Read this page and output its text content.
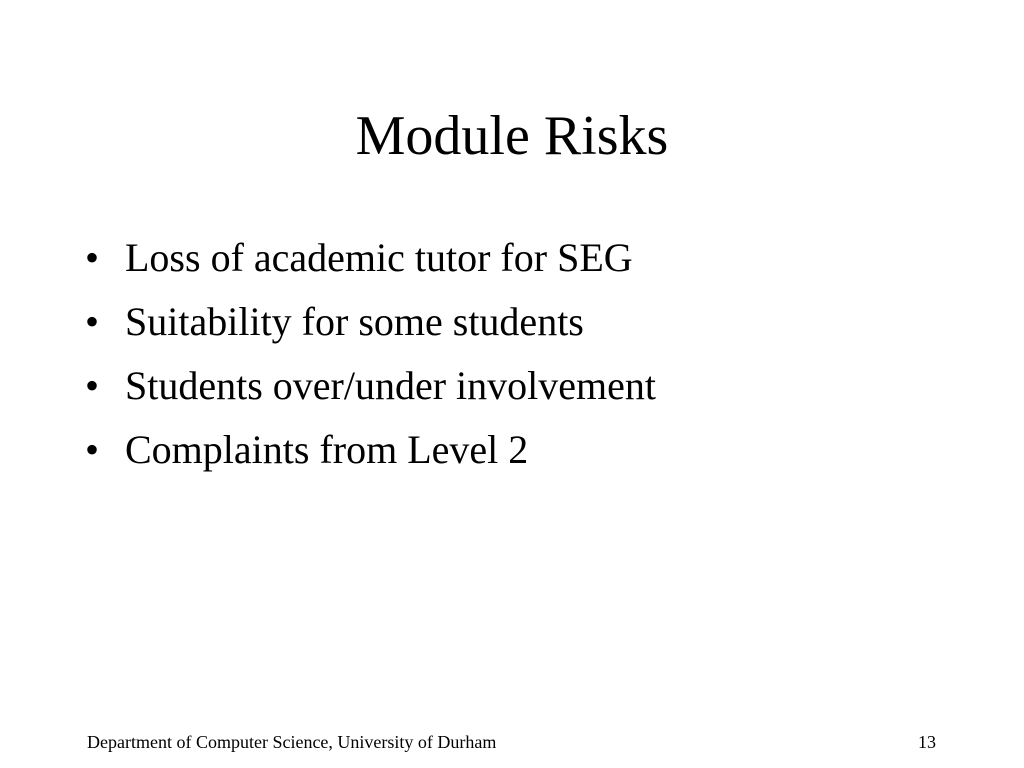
Module Risks
• Loss of academic tutor for SEG
• Suitability for some students
• Students over/under involvement
• Complaints from Level 2
Department of Computer Science, University of Durham	13
